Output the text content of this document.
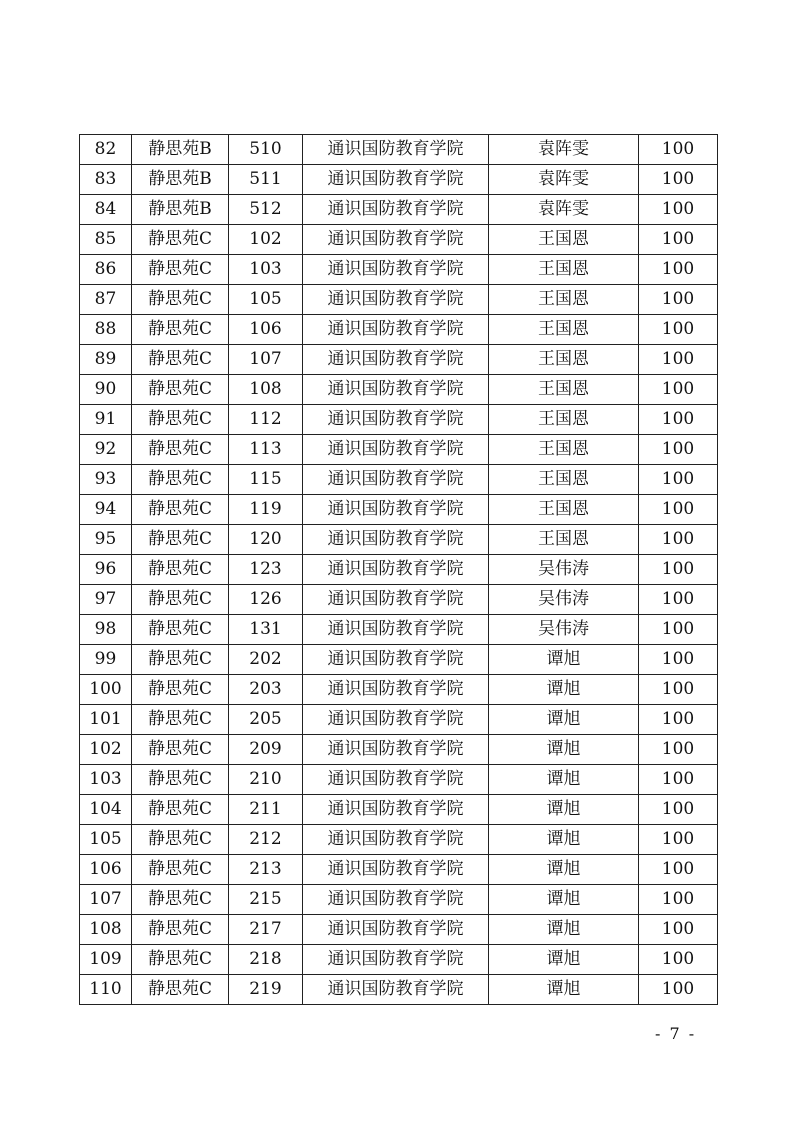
82	静思苑B	510	通识国防教育学院	袁阵雯	100
83	静思苑B	511	通识国防教育学院	袁阵雯	100
84	静思苑B	512	通识国防教育学院	袁阵雯	100
85	静思苑C	102	通识国防教育学院	王国恩	100
86	静思苑C	103	通识国防教育学院	王国恩	100
87	静思苑C	105	通识国防教育学院	王国恩	100
88	静思苑C	106	通识国防教育学院	王国恩	100
89	静思苑C	107	通识国防教育学院	王国恩	100
90	静思苑C	108	通识国防教育学院	王国恩	100
91	静思苑C	112	通识国防教育学院	王国恩	100
92	静思苑C	113	通识国防教育学院	王国恩	100
93	静思苑C	115	通识国防教育学院	王国恩	100
94	静思苑C	119	通识国防教育学院	王国恩	100
95	静思苑C	120	通识国防教育学院	王国恩	100
96	静思苑C	123	通识国防教育学院	吴伟涛	100
97	静思苑C	126	通识国防教育学院	吴伟涛	100
98	静思苑C	131	通识国防教育学院	吴伟涛	100
99	静思苑C	202	通识国防教育学院	谭旭	100
100	静思苑C	203	通识国防教育学院	谭旭	100
101	静思苑C	205	通识国防教育学院	谭旭	100
102	静思苑C	209	通识国防教育学院	谭旭	100
103	静思苑C	210	通识国防教育学院	谭旭	100
104	静思苑C	211	通识国防教育学院	谭旭	100
105	静思苑C	212	通识国防教育学院	谭旭	100
106	静思苑C	213	通识国防教育学院	谭旭	100
107	静思苑C	215	通识国防教育学院	谭旭	100
108	静思苑C	217	通识国防教育学院	谭旭	100
109	静思苑C	218	通识国防教育学院	谭旭	100
110	静思苑C	219	通识国防教育学院	谭旭	100
- 7 -
